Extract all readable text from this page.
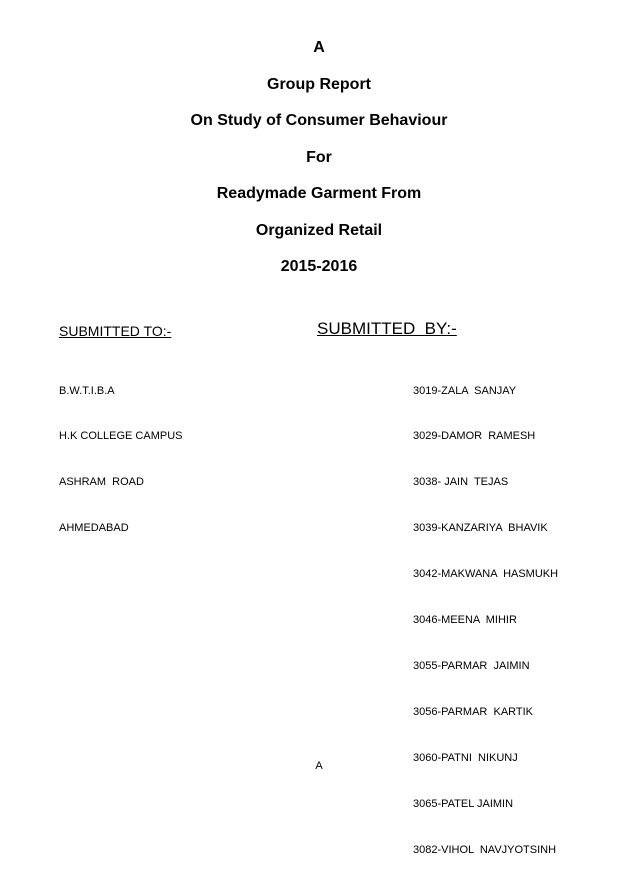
A
Group Report
On Study of Consumer Behaviour
For
Readymade Garment From
Organized Retail
2015-2016
SUBMITTED TO:-	SUBMITTED  BY:-

B.W.T.I.B.A

H.K COLLEGE CAMPUS

ASHRAM  ROAD

AHMEDABAD

3019-ZALA  SANJAY

3029-DAMOR  RAMESH

3038- JAIN  TEJAS

3039-KANZARIYA  BHAVIK

3042-MAKWANA  HASMUKH

3046-MEENA  MIHIR

3055-PARMAR  JAIMIN

3056-PARMAR  KARTIK

3060-PATNI  NIKUNJ

3065-PATEL JAIMIN

3082-VIHOL  NAVJYOTSINH

A
